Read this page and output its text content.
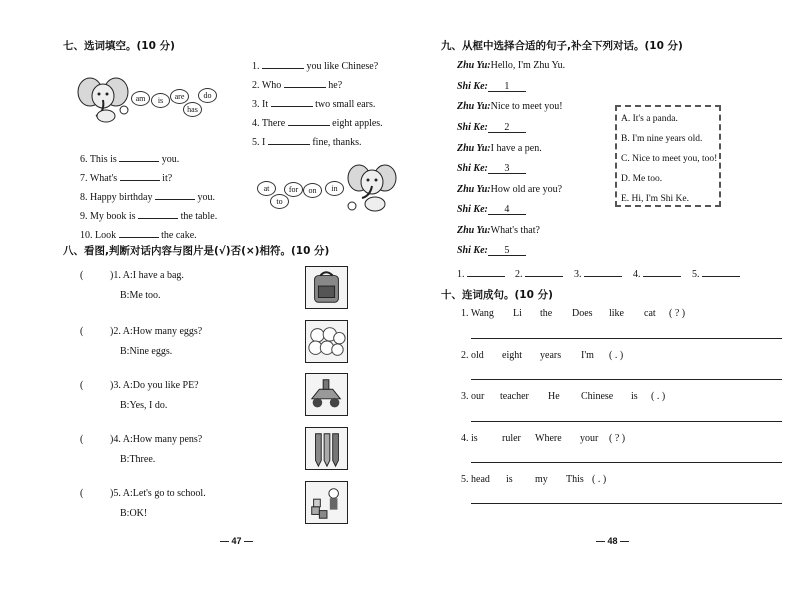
七、选词填空。(10 分)
am	is	are	do
has
1.	you like Chinese?
2. Who	he?
3. It	two small ears.
4. There	eight apples.
5. I	fine, thanks.
6. This is	you.
7. What's	it?
8. Happy birthday	you.
9. My book is	the table.
10. Look	the cake.
at	for	on	in
to
八、看图,判断对话内容与图片是(√)否(×)相符。(10 分)
(	)1. A:I have a bag.
B:Me too.
(	)2. A:How many eggs?
B:Nine eggs.
(	)3. A:Do you like PE?
B:Yes, I do.
(	)4. A:How many pens?
B:Three.
(	)5. A:Let's go to school.
B:OK!
— 47 —
九、从框中选择合适的句子,补全下列对话。(10 分)
Zhu Yu:Hello, I'm Zhu Yu.
Shi Ke: 1
Zhu Yu:Nice to meet you!
Shi Ke: 2
Zhu Yu:I have a pen.
Shi Ke: 3
Zhu Yu:How old are you?
Shi Ke: 4
Zhu Yu:What's that?
Shi Ke: 5
A. It's a panda.
B. I'm nine years old.
C. Nice to meet you, too!
D. Me too.
E. Hi, I'm Shi Ke.
1.	2.	3.	4.	5.
十、连词成句。(10 分)
1. Wang Li the Does like cat ( ? )
2. old eight years I'm ( . )
3. our teacher He Chinese is ( . )
4. is ruler Where your ( ? )
5. head is my This ( . )
— 48 —
